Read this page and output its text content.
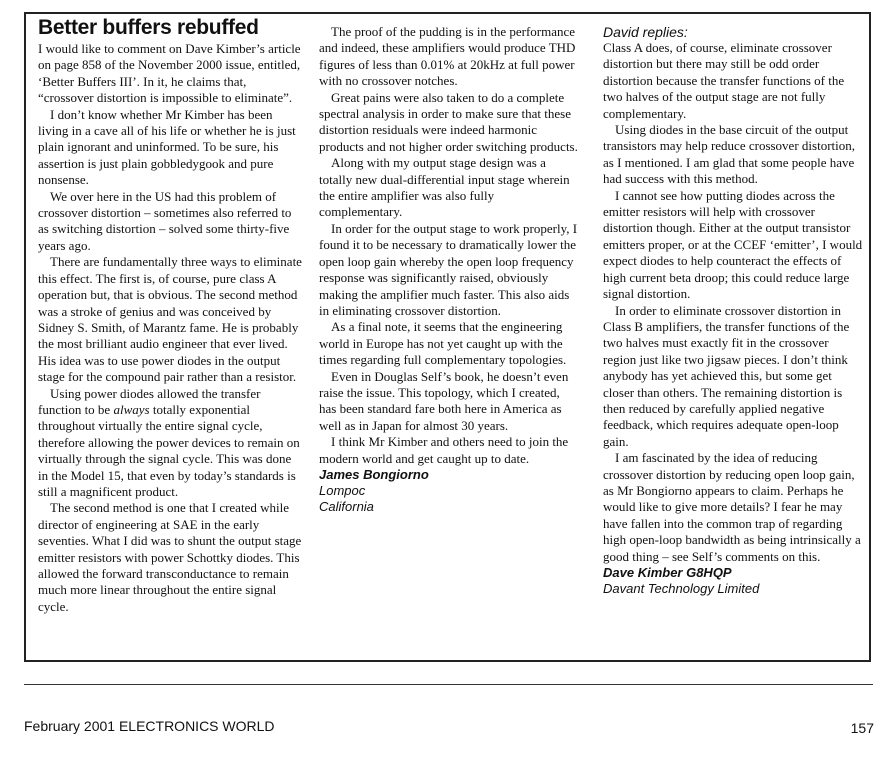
Better buffers rebuffed

I would like to comment on Dave Kimber’s article on page 858 of the November 2000 issue, entitled, ‘Better Buffers III’. In it, he claims that, “crossover distortion is impossible to eliminate”.

I don’t know whether Mr Kimber has been living in a cave all of his life or whether he is just plain ignorant and uninformed. To be sure, his assertion is just plain gobbledygook and pure nonsense.

We over here in the US had this problem of crossover distortion – sometimes also referred to as switching distortion – solved some thirty-five years ago.

There are fundamentally three ways to eliminate this effect. The first is, of course, pure class A operation but, that is obvious. The second method was a stroke of genius and was conceived by Sidney S. Smith, of Marantz fame. He is probably the most brilliant audio engineer that ever lived. His idea was to use power diodes in the output stage for the compound pair rather than a resistor.

Using power diodes allowed the transfer function to be always totally exponential throughout virtually the entire signal cycle, therefore allowing the power devices to remain on virtually through the signal cycle. This was done in the Model 15, that even by today’s standards is still a magnificent product.

The second method is one that I created while director of engineering at SAE in the early seventies. What I did was to shunt the output stage emitter resistors with power Schottky diodes. This allowed the forward transconductance to remain much more linear throughout the entire signal cycle.

The proof of the pudding is in the performance and indeed, these amplifiers would produce THD figures of less than 0.01% at 20kHz at full power with no crossover notches.

Great pains were also taken to do a complete spectral analysis in order to make sure that these distortion residuals were indeed harmonic products and not higher order switching products.

Along with my output stage design was a totally new dual-differential input stage wherein the entire amplifier was also fully complementary.

In order for the output stage to work properly, I found it to be necessary to dramatically lower the open loop gain whereby the open loop frequency response was significantly raised, obviously making the amplifier much faster. This also aids in eliminating crossover distortion.

As a final note, it seems that the engineering world in Europe has not yet caught up with the times regarding full complementary topologies.

Even in Douglas Self’s book, he doesn’t even raise the issue. This topology, which I created, has been standard fare both here in America as well as in Japan for almost 30 years.

I think Mr Kimber and others need to join the modern world and get caught up to date.

James Bongiorno
Lompoc
California
David replies:

Class A does, of course, eliminate crossover distortion but there may still be odd order distortion because the transfer functions of the two halves of the output stage are not fully complementary.

Using diodes in the base circuit of the output transistors may help reduce crossover distortion, as I mentioned. I am glad that some people have had success with this method.

I cannot see how putting diodes across the emitter resistors will help with crossover distortion though. Either at the output transistor emitters proper, or at the CCEF ‘emitter’, I would expect diodes to help counteract the effects of high current beta droop; this could reduce large signal distortion.

In order to eliminate crossover distortion in Class B amplifiers, the transfer functions of the two halves must exactly fit in the crossover region just like two jigsaw pieces. I don’t think anybody has yet achieved this, but some get closer than others. The remaining distortion is then reduced by carefully applied negative feedback, which requires adequate open-loop gain.

I am fascinated by the idea of reducing crossover distortion by reducing open loop gain, as Mr Bongiorno appears to claim. Perhaps he would like to give more details? I fear he may have fallen into the common trap of regarding high open-loop bandwidth as being intrinsically a good thing – see Self’s comments on this.

Dave Kimber G8HQP
Davant Technology Limited
February 2001 ELECTRONICS WORLD	157
